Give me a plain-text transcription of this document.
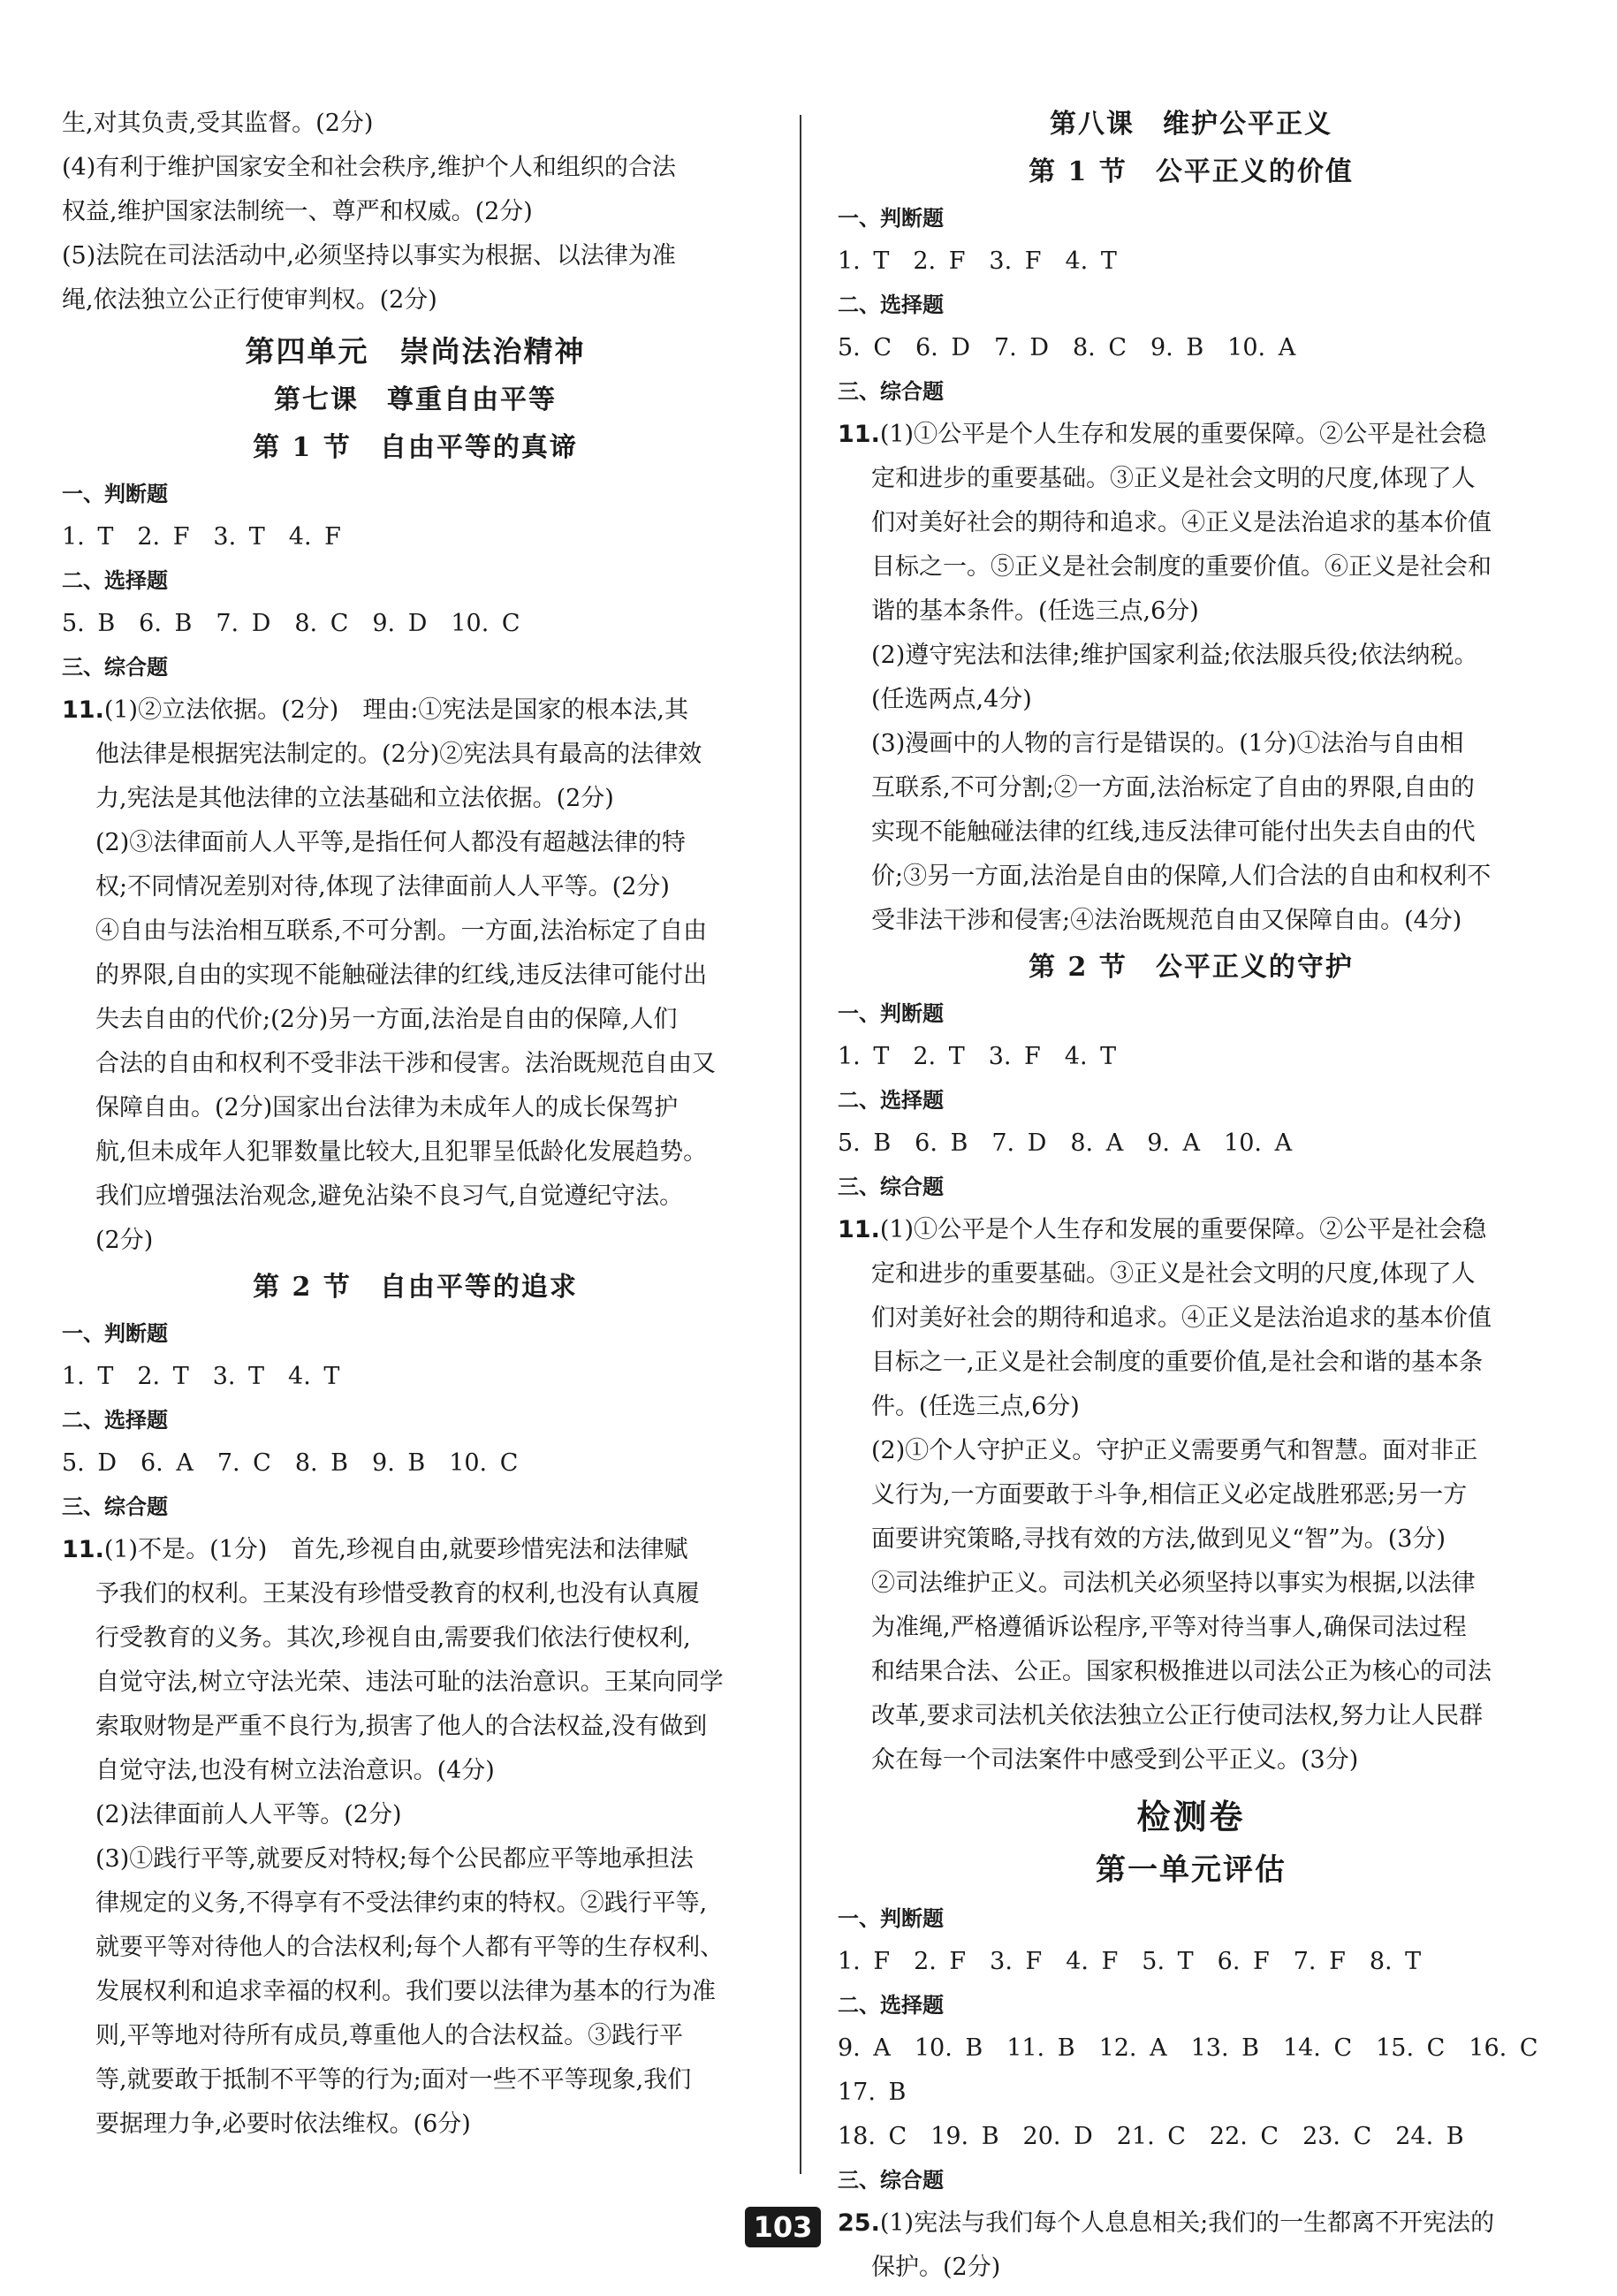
生,对其负责,受其监督。(2分)

(4)有利于维护国家安全和社会秩序,维护个人和组织的合法

权益,维护国家法制统一、尊严和权威。(2分)

(5)法院在司法活动中,必须坚持以事实为根据、以法律为准

绳,依法独立公正行使审判权。(2分)

第四单元　崇尚法治精神

第七课　尊重自由平等

第 1 节　自由平等的真谛

一、判断题

1. T　2. F　3. T　4. F

二、选择题

5. B　6. B　7. D　8. C　9. D　10. C

三、综合题

11.(1)②立法依据。(2分)　理由:①宪法是国家的根本法,其

他法律是根据宪法制定的。(2分)②宪法具有最高的法律效

力,宪法是其他法律的立法基础和立法依据。(2分)

(2)③法律面前人人平等,是指任何人都没有超越法律的特

权;不同情况差别对待,体现了法律面前人人平等。(2分)

④自由与法治相互联系,不可分割。一方面,法治标定了自由

的界限,自由的实现不能触碰法律的红线,违反法律可能付出

失去自由的代价;(2分)另一方面,法治是自由的保障,人们

合法的自由和权利不受非法干涉和侵害。法治既规范自由又

保障自由。(2分)国家出台法律为未成年人的成长保驾护

航,但未成年人犯罪数量比较大,且犯罪呈低龄化发展趋势。

我们应增强法治观念,避免沾染不良习气,自觉遵纪守法。

(2分)

第 2 节　自由平等的追求

一、判断题

1. T　2. T　3. T　4. T

二、选择题

5. D　6. A　7. C　8. B　9. B　10. C

三、综合题

11.(1)不是。(1分)　首先,珍视自由,就要珍惜宪法和法律赋

予我们的权利。王某没有珍惜受教育的权利,也没有认真履

行受教育的义务。其次,珍视自由,需要我们依法行使权利,

自觉守法,树立守法光荣、违法可耻的法治意识。王某向同学

索取财物是严重不良行为,损害了他人的合法权益,没有做到

自觉守法,也没有树立法治意识。(4分)

(2)法律面前人人平等。(2分)

(3)①践行平等,就要反对特权;每个公民都应平等地承担法

律规定的义务,不得享有不受法律约束的特权。②践行平等,

就要平等对待他人的合法权利;每个人都有平等的生存权利、

发展权利和追求幸福的权利。我们要以法律为基本的行为准

则,平等地对待所有成员,尊重他人的合法权益。③践行平

等,就要敢于抵制不平等的行为;面对一些不平等现象,我们

要据理力争,必要时依法维权。(6分)

第八课　维护公平正义

第 1 节　公平正义的价值

一、判断题

1. T　2. F　3. F　4. T

二、选择题

5. C　6. D　7. D　8. C　9. B　10. A

三、综合题

11.(1)①公平是个人生存和发展的重要保障。②公平是社会稳

定和进步的重要基础。③正义是社会文明的尺度,体现了人

们对美好社会的期待和追求。④正义是法治追求的基本价值

目标之一。⑤正义是社会制度的重要价值。⑥正义是社会和

谐的基本条件。(任选三点,6分)

(2)遵守宪法和法律;维护国家利益;依法服兵役;依法纳税。

(任选两点,4分)

(3)漫画中的人物的言行是错误的。(1分)①法治与自由相

互联系,不可分割;②一方面,法治标定了自由的界限,自由的

实现不能触碰法律的红线,违反法律可能付出失去自由的代

价;③另一方面,法治是自由的保障,人们合法的自由和权利不

受非法干涉和侵害;④法治既规范自由又保障自由。(4分)

第 2 节　公平正义的守护

一、判断题

1. T　2. T　3. F　4. T

二、选择题

5. B　6. B　7. D　8. A　9. A　10. A

三、综合题

11.(1)①公平是个人生存和发展的重要保障。②公平是社会稳

定和进步的重要基础。③正义是社会文明的尺度,体现了人

们对美好社会的期待和追求。④正义是法治追求的基本价值

目标之一,正义是社会制度的重要价值,是社会和谐的基本条

件。(任选三点,6分)

(2)①个人守护正义。守护正义需要勇气和智慧。面对非正

义行为,一方面要敢于斗争,相信正义必定战胜邪恶;另一方

面要讲究策略,寻找有效的方法,做到见义“智”为。(3分)

②司法维护正义。司法机关必须坚持以事实为根据,以法律

为准绳,严格遵循诉讼程序,平等对待当事人,确保司法过程

和结果合法、公正。国家积极推进以司法公正为核心的司法

改革,要求司法机关依法独立公正行使司法权,努力让人民群

众在每一个司法案件中感受到公平正义。(3分)

检测卷

第一单元评估

一、判断题

1. F　2. F　3. F　4. F　5. T　6. F　7. F　8. T

二、选择题

9. A　10. B　11. B　12. A　13. B　14. C　15. C　16. C　17. B

18. C　19. B　20. D　21. C　22. C　23. C　24. B

三、综合题

25.(1)宪法与我们每个人息息相关;我们的一生都离不开宪法的

保护。(2分)

103
